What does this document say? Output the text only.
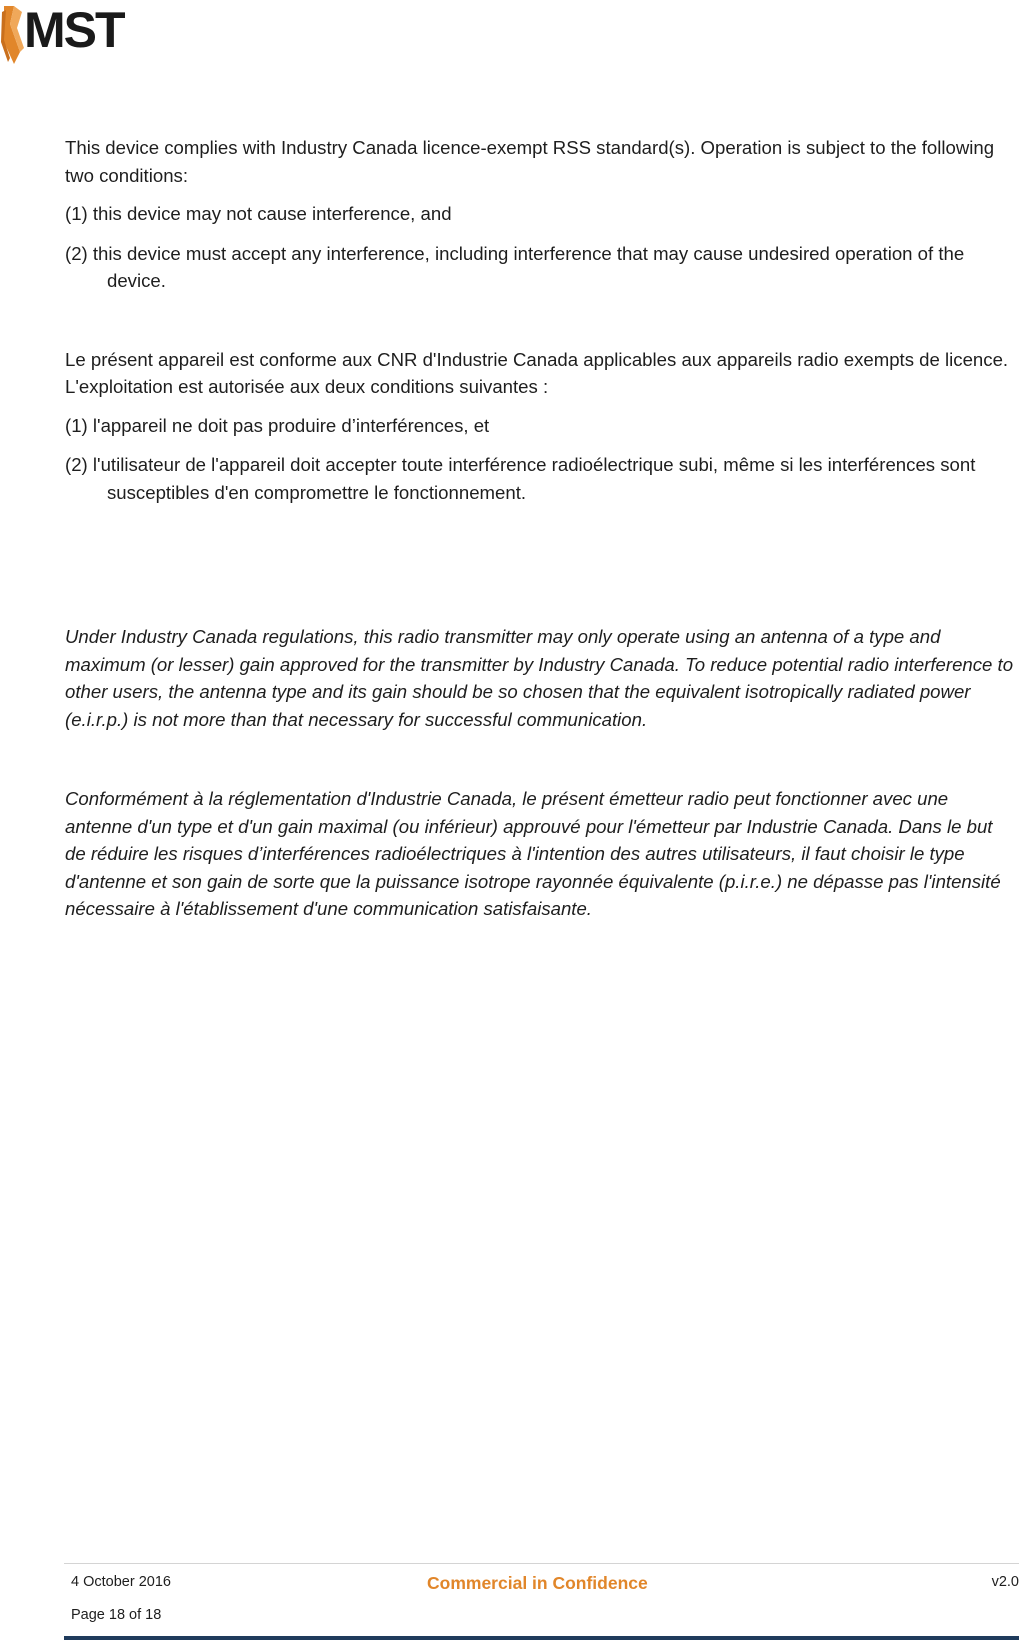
MST

This device complies with Industry Canada licence-exempt RSS standard(s). Operation is subject to the following two conditions:

(1) this device may not cause interference, and

(2) this device must accept any interference, including interference that may cause undesired operation of the device.

Le présent appareil est conforme aux CNR d'Industrie Canada applicables aux appareils radio exempts de licence. L'exploitation est autorisée aux deux conditions suivantes :

(1) l'appareil ne doit pas produire d’interférences, et

(2) l'utilisateur de l'appareil doit accepter toute interférence radioélectrique subi, même si les interférences sont susceptibles d'en compromettre le fonctionnement.

Under Industry Canada regulations, this radio transmitter may only operate using an antenna of a type and maximum (or lesser) gain approved for the transmitter by Industry Canada. To reduce potential radio interference to other users, the antenna type and its gain should be so chosen that the equivalent isotropically radiated power (e.i.r.p.) is not more than that necessary for successful communication.

Conformément à la réglementation d'Industrie Canada, le présent émetteur radio peut fonctionner avec une antenne d'un type et d'un gain maximal (ou inférieur) approuvé pour l'émetteur par Industrie Canada. Dans le but de réduire les risques d’interférences radioélectriques à l'intention des autres utilisateurs, il faut choisir le type d'antenne et son gain de sorte que la puissance isotrope rayonnée équivalente (p.i.r.e.) ne dépasse pas l'intensité nécessaire à l'établissement d'une communication satisfaisante.

4 October 2016
Page 18 of 18
Commercial in Confidence	v2.0
